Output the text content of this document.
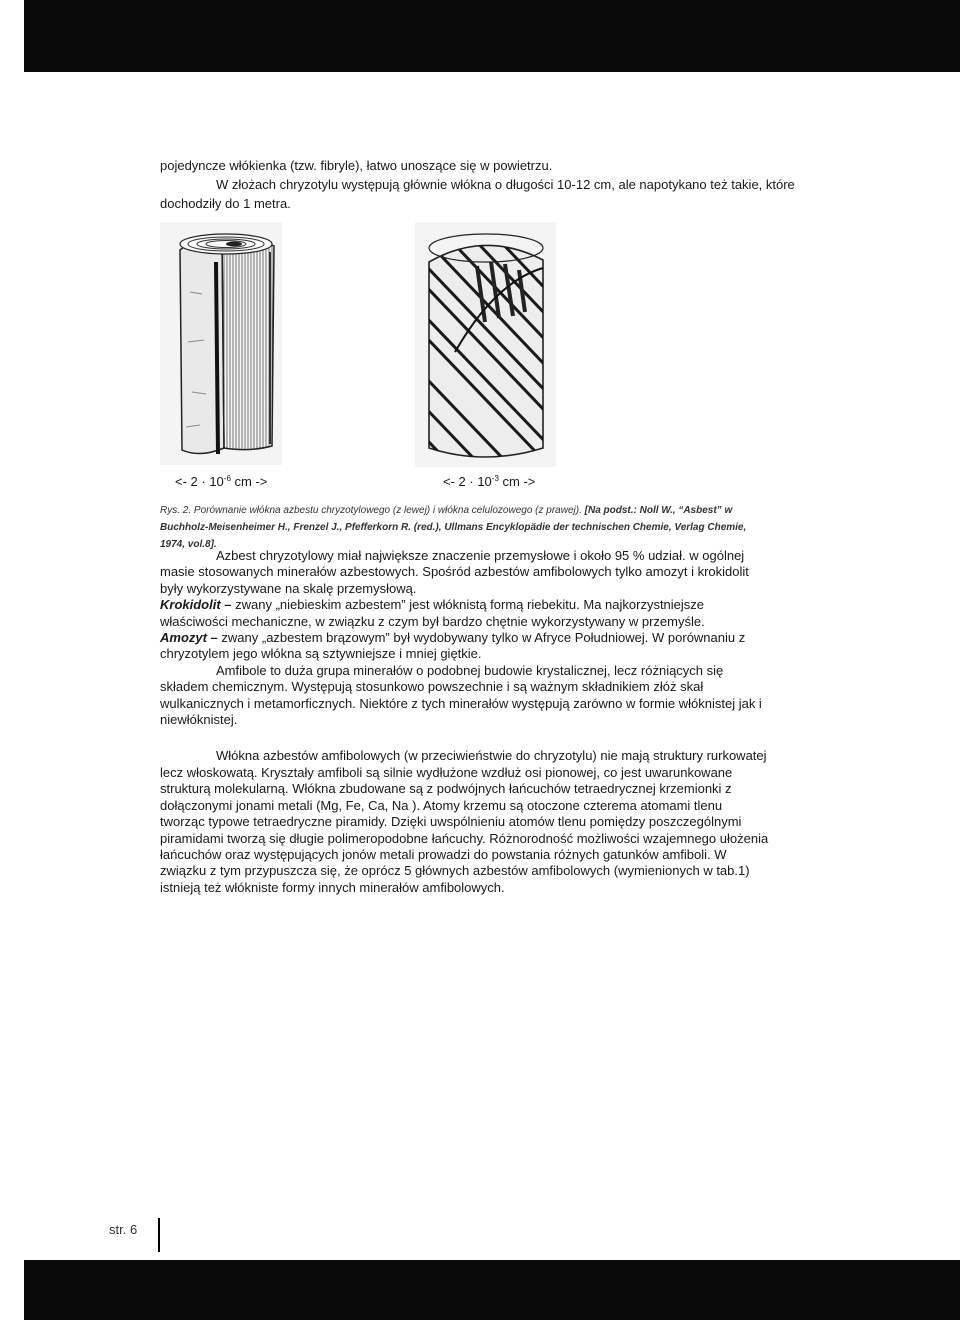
pojedyncze włókienka (tzw. fibryle), łatwo unoszące się w powietrzu.

W złożach chryzotylu występują głównie włókna o długości 10-12 cm, ale napotykano też takie, które dochodziły do 1 metra.

<- $2 \cdot 10^{-6}$ cm ->	<- $2 \cdot 10^{-3}$ cm ->
Rys. 2. Porównanie włókna azbestu chryzotylowego (z lewej) i włókna celulozowego (z prawej). [Na podst.: Noll W., “Asbest” w Buchholz-Meisenheimer H., Frenzel J., Pfefferkorn R. (red.), Ullmans Encyklopädie der technischen Chemie, Verlag Chemie, 1974, vol.8].

Azbest chryzotylowy miał największe znaczenie przemysłowe i około 95 % udział. w ogólnej masie stosowanych minerałów azbestowych. Spośród azbestów amfibolowych tylko amozyt i krokidolit były wykorzystywane na skalę przemysłową.

Krokidolit – zwany „niebieskim azbestem” jest włóknistą formą riebekitu. Ma najkorzystniejsze właściwości mechaniczne, w związku z czym był bardzo chętnie wykorzystywany w przemyśle.

Amozyt – zwany „azbestem brązowym” był wydobywany tylko w Afryce Południowej. W porównaniu z chryzotylem jego włókna są sztywniejsze i mniej giętkie.

Amfibole to duża grupa minerałów o podobnej budowie krystalicznej, lecz różniących się składem chemicznym. Występują stosunkowo powszechnie i są ważnym składnikiem złóż skał wulkanicznych i metamorficznych. Niektóre z tych minerałów występują zarówno w formie włóknistej jak i niewłóknistej.

Włókna azbestów amfibolowych (w przeciwieństwie do chryzotylu) nie mają struktury rurkowatej lecz włoskowatą. Kryształy amfiboli są silnie wydłużone wzdłuż osi pionowej, co jest uwarunkowane strukturą molekularną. Włókna zbudowane są z podwójnych łańcuchów tetraedrycznej krzemionki z dołączonymi jonami metali (Mg, Fe, Ca, Na ). Atomy krzemu są otoczone czterema atomami tlenu tworząc typowe tetraedryczne piramidy. Dzięki uwspólnieniu atomów tlenu pomiędzy poszczególnymi piramidami tworzą się długie polimeropodobne łańcuchy. Różnorodność możliwości wzajemnego ułożenia łańcuchów oraz występujących jonów metali prowadzi do powstania różnych gatunków amfiboli. W związku z tym przypuszcza się, że oprócz 5 głównych azbestów amfibolowych (wymienionych w tab.1) istnieją też włókniste formy innych minerałów amfibolowych.

str. 6
